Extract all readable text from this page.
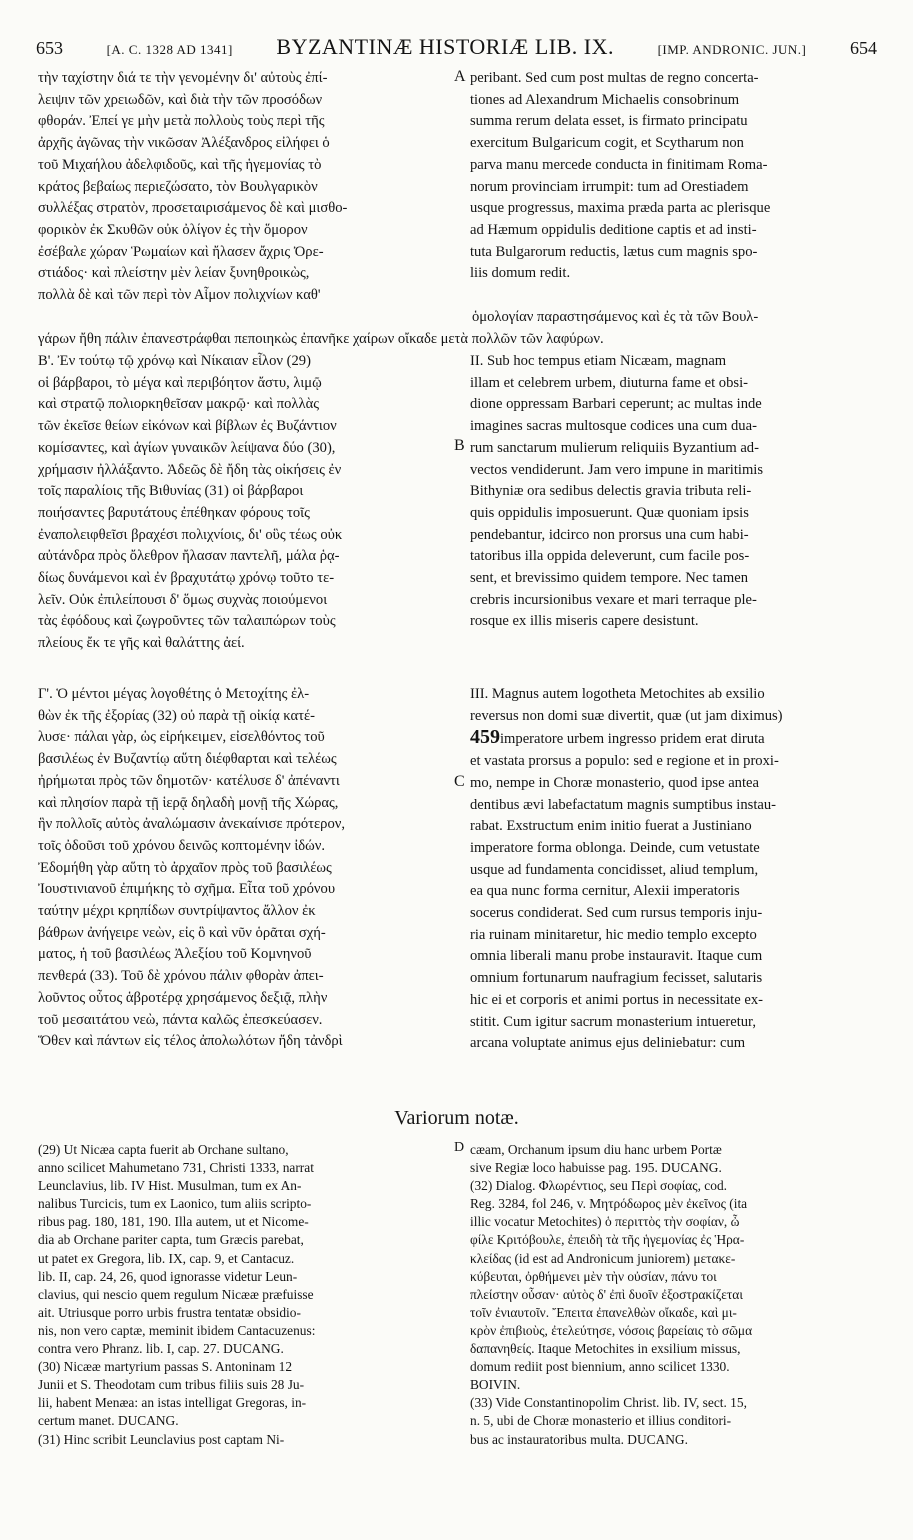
653	[A. C. 1328 AD 1341] BYZANTINÆ HISTORIÆ LIB. IX.	[IMP. ANDRONIC. JUN.] 654

τὴν ταχίστην διά τε τὴν γενομένην δι' αὐτοὺς ἐπί-

λειψιν τῶν χρειωδῶν, καὶ διὰ τὴν τῶν προσόδων

φθοράν. Ἐπεί γε μὴν μετὰ πολλοὺς τοὺς περὶ τῆς

ἀρχῆς ἀγῶνας τὴν νικῶσαν Ἀλέξανδρος εἰλήφει ὁ

τοῦ Μιχαήλου ἀδελφιδοῦς, καὶ τῆς ἡγεμονίας τὸ

κράτος βεβαίως περιεζώσατο, τὸν Βουλγαρικὸν

συλλέξας στρατὸν, προσεταιρισάμενος δὲ καὶ μισθο-

φορικὸν ἐκ Σκυθῶν οὐκ ὀλίγον ἐς τὴν ὅμορον

ἐσέβαλε χώραν Ῥωμαίων καὶ ἤλασεν ἄχρις Ὀρε-

στιάδος· καὶ πλείστην μὲν λείαν ξυνηθροικὼς,

πολλὰ δὲ καὶ τῶν περὶ τὸν Αἷμον πολιχνίων καθ'

peribant. Sed cum post multas de regno concerta-

tiones ad Alexandrum Michaelis consobrinum

summa rerum delata esset, is firmato principatu

exercitum Bulgaricum cogit, et Scytharum non

parva manu mercede conducta in finitimam Roma-

norum provinciam irrumpit: tum ad Orestiadem

usque progressus, maxima præda parta ac plerisque

ad Hæmum oppidulis deditione captis et ad insti-

tuta Bulgarorum reductis, lætus cum magnis spo-

liis domum redit.

A

ὁμολογίαν παραστησάμενος καὶ ἐς τὰ τῶν Βουλ-

γάρων ἤθη πάλιν ἐπανεστράφθαι πεποιηκὼς ἐπανῆκε χαίρων οἴκαδε μετὰ πολλῶν τῶν λαφύρων.

Β'. Ἐν τούτῳ τῷ χρόνῳ καὶ Νίκαιαν εἷλον (29)

οἱ βάρβαροι, τὸ μέγα καὶ περιβόητον ἄστυ, λιμῷ

καὶ στρατῷ πολιορκηθεῖσαν μακρῷ· καὶ πολλὰς

τῶν ἐκεῖσε θείων εἰκόνων καὶ βίβλων ἐς Βυζάντιον

κομίσαντες, καὶ ἁγίων γυναικῶν λείψανα δύο (30),

χρήμασιν ἠλλάξαντο. Ἀδεῶς δὲ ἤδη τὰς οἰκήσεις ἐν

τοῖς παραλίοις τῆς Βιθυνίας (31) οἱ βάρβαροι

ποιήσαντες βαρυτάτους ἐπέθηκαν φόρους τοῖς

ἐναπολειφθεῖσι βραχέσι πολιχνίοις, δι' οὓς τέως οὐκ

αὐτάνδρα πρὸς ὄλεθρον ἤλασαν παντελῆ, μάλα ῥᾳ-

δίως δυνάμενοι καὶ ἐν βραχυτάτῳ χρόνῳ τοῦτο τε-

λεῖν. Οὐκ ἐπιλείπουσι δ' ὅμως συχνὰς ποιούμενοι

τὰς ἐφόδους καὶ ζωγροῦντες τῶν ταλαιπώρων τοὺς

πλείους ἔκ τε γῆς καὶ θαλάττης ἀεί.

II. Sub hoc tempus etiam Nicæam, magnam

illam et celebrem urbem, diuturna fame et obsi-

dione oppressam Barbari ceperunt; ac multas inde

imagines sacras multosque codices una cum dua-

rum sanctarum mulierum reliquiis Byzantium ad-

vectos vendiderunt. Jam vero impune in maritimis

Bithyniæ ora sedibus delectis gravia tributa reli-

quis oppidulis imposuerunt. Quæ quoniam ipsis

pendebantur, idcirco non prorsus una cum habi-

tatoribus illa oppida deleverunt, cum facile pos-

sent, et brevissimo quidem tempore. Nec tamen

crebris incursionibus vexare et mari terraque ple-

rosque ex illis miseris capere desistunt.

B

Γ'. Ὁ μέντοι μέγας λογοθέτης ὁ Μετοχίτης ἐλ-

θὼν ἐκ τῆς ἐξορίας (32) οὐ παρὰ τῇ οἰκίᾳ κατέ-

λυσε· πάλαι γὰρ, ὡς εἰρήκειμεν, εἰσελθόντος τοῦ

βασιλέως ἐν Βυζαντίῳ αὕτη διέφθαρται καὶ τελέως

ἠρήμωται πρὸς τῶν δημοτῶν· κατέλυσε δ' ἀπέναντι

καὶ πλησίον παρὰ τῇ ἱερᾷ δηλαδὴ μονῇ τῆς Χώρας,

ἣν πολλοῖς αὐτὸς ἀναλώμασιν ἀνεκαίνισε πρότερον,

τοῖς ὀδοῦσι τοῦ χρόνου δεινῶς κοπτομένην ἰδών.

Ἐδομήθη γὰρ αὕτη τὸ ἀρχαῖον πρὸς τοῦ βασιλέως

Ἰουστινιανοῦ ἐπιμήκης τὸ σχῆμα. Εἶτα τοῦ χρόνου

ταύτην μέχρι κρηπίδων συντρίψαντος ἄλλον ἐκ

βάθρων ἀνήγειρε νεὼν, εἰς ὃ καὶ νῦν ὁρᾶται σχή-

ματος, ἡ τοῦ βασιλέως Ἀλεξίου τοῦ Κομνηνοῦ

πενθερά (33). Τοῦ δὲ χρόνου πάλιν φθορὰν ἀπει-

λοῦντος οὗτος ἁβροτέρᾳ χρησάμενος δεξιᾷ, πλὴν

τοῦ μεσαιτάτου νεὼ, πάντα καλῶς ἐπεσκεύασεν.

Ὅθεν καὶ πάντων εἰς τέλος ἀπολωλότων ἤδη τἀνδρὶ

III. Magnus autem logotheta Metochites ab exsilio

reversus non domi suæ divertit, quæ (ut jam diximus)

459imperatore urbem ingresso pridem erat diruta

et vastata prorsus a populo: sed e regione et in proxi-

mo, nempe in Choræ monasterio, quod ipse antea

dentibus ævi labefactatum magnis sumptibus instau-

rabat. Exstructum enim initio fuerat a Justiniano

imperatore forma oblonga. Deinde, cum vetustate

usque ad fundamenta concidisset, aliud templum,

ea qua nunc forma cernitur, Alexii imperatoris

socerus condiderat. Sed cum rursus temporis inju-

ria ruinam minitaretur, hic medio templo excepto

omnia liberali manu probe instauravit. Itaque cum

omnium fortunarum naufragium fecisset, salutaris

hic ei et corporis et animi portus in necessitate ex-

stitit. Cum igitur sacrum monasterium intueretur,

arcana voluptate animus ejus deliniebatur: cum

C
Variorum notæ.

(29) Ut Nicæa capta fuerit ab Orchane sultano,

anno scilicet Mahumetano 731, Christi 1333, narrat

Leunclavius, lib. IV Hist. Musulman, tum ex An-

nalibus Turcicis, tum ex Laonico, tum aliis scripto-

ribus pag. 180, 181, 190. Illa autem, ut et Nicome-

dia ab Orchane pariter capta, tum Græcis parebat,

ut patet ex Gregora, lib. IX, cap. 9, et Cantacuz.

lib. II, cap. 24, 26, quod ignorasse videtur Leun-

clavius, qui nescio quem regulum Nicææ præfuisse

ait. Utriusque porro urbis frustra tentatæ obsidio-

nis, non vero captæ, meminit ibidem Cantacuzenus:

contra vero Phranz. lib. I, cap. 27. DUCANG.

(30) Nicææ martyrium passas S. Antoninam 12

Junii et S. Theodotam cum tribus filiis suis 28 Ju-

lii, habent Menæa: an istas intelligat Gregoras, in-

certum manet. DUCANG.

(31) Hinc scribit Leunclavius post captam Ni-

cæam, Orchanum ipsum diu hanc urbem Portæ

sive Regiæ loco habuisse pag. 195. DUCANG.

(32) Dialog. Φλωρέντιος, seu Περὶ σοφίας, cod.

Reg. 3284, fol 246, v. Μητρόδωρος μὲν ἐκεῖνος (ita

illic vocatur Metochites) ὁ περιττὸς τὴν σοφίαν, ὦ

φίλε Κριτόβουλε, ἐπειδὴ τὰ τῆς ἡγεμονίας ἐς Ἡρα-

κλείδας (id est ad Andronicum juniorem) μετακε-

κύβευται, ὀρθήμενει μὲν τὴν οὐσίαν, πάνυ τοι

πλείστην οὖσαν· αὐτὸς δ' ἐπὶ δυοῖν ἐξοστρακίζεται

τοῖν ἐνιαυτοῖν. Ἔπειτα ἐπανελθὼν οἴκαδε, καὶ μι-

κρὸν ἐπιβιοὺς, ἐτελεύτησε, νόσοις βαρείαις τὸ σῶμα

δαπανηθείς. Itaque Metochites in exsilium missus,

domum rediit post biennium, anno scilicet 1330.

BOIVIN.

(33) Vide Constantinopolim Christ. lib. IV, sect. 15,

n. 5, ubi de Choræ monasterio et illius conditori-

bus ac instauratoribus multa. DUCANG.

D
